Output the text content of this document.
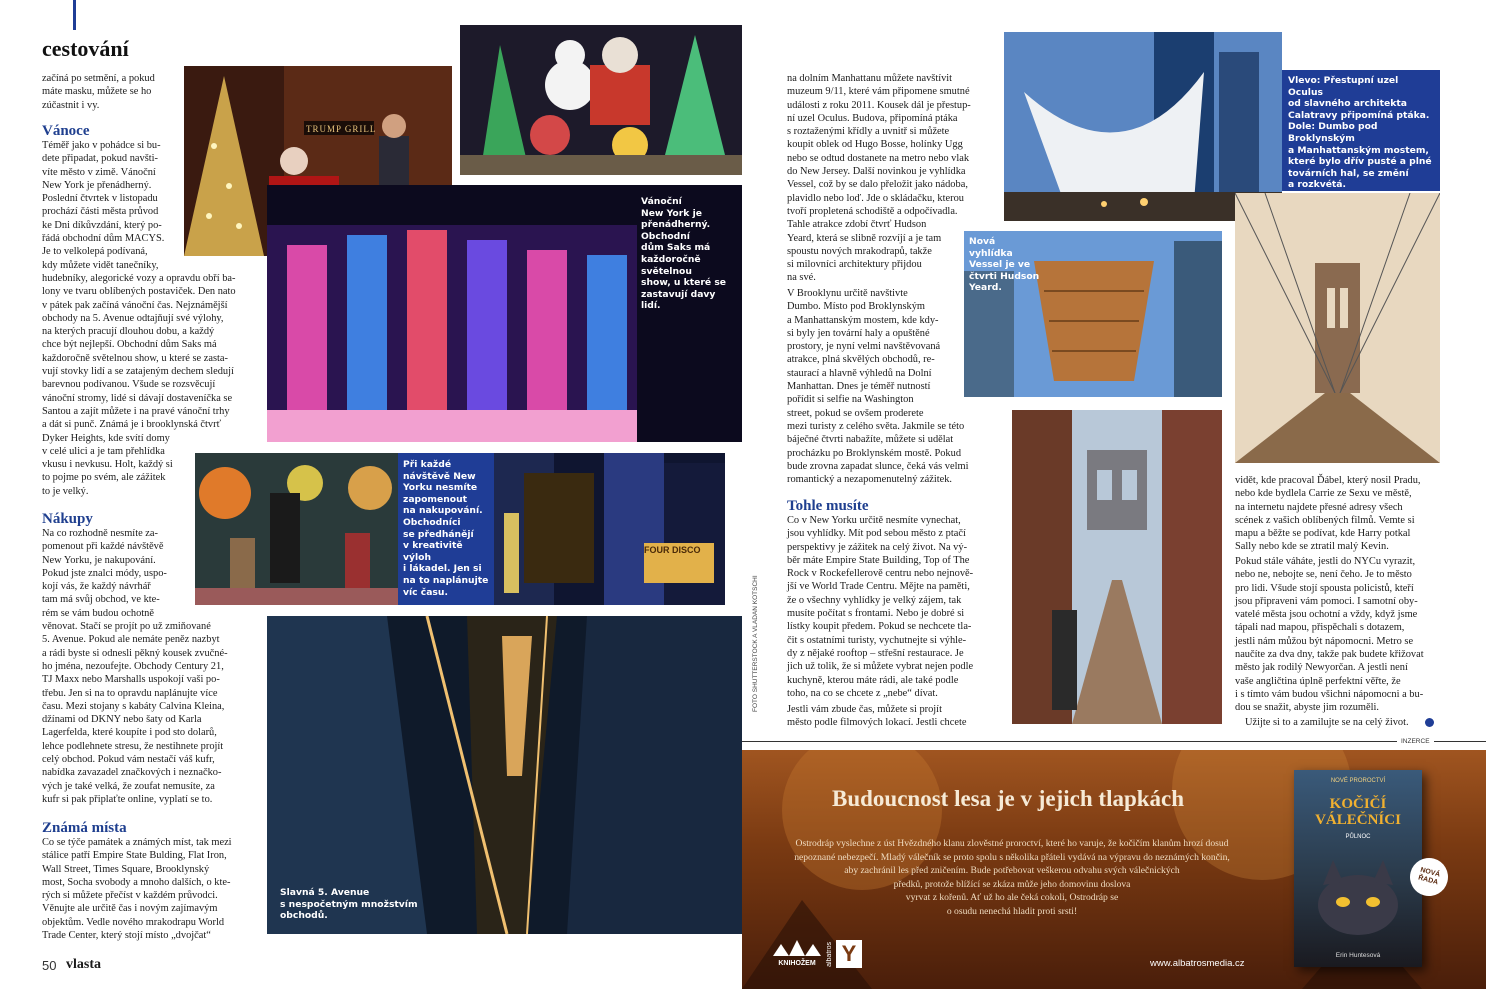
cestování
začíná po setmění, a pokud
máte masku, můžete se ho
zúčastnit i vy.
Vánoce
Téměř jako v pohádce si bu-
dete připadat, pokud navšti-
víte město v zimě. Vánoční
New York je přenádherný.
Poslední čtvrtek v listopadu
prochází části města průvod
ke Dni díkůvzdání, který po-
řádá obchodní dům MACYS.
Je to velkolepá podívaná,
kdy můžete vidět tanečníky,
hudebníky, alegorické vozy a opravdu obří ba-
lony ve tvaru oblíbených postaviček. Den nato
v pátek pak začíná vánoční čas. Nejznámější
obchody na 5. Avenue odtajňují své výlohy,
na kterých pracují dlouhou dobu, a každý
chce být nejlepší. Obchodní dům Saks má
každoročně světelnou show, u které se zasta-
vují stovky lidí a se zatajeným dechem sledují
barevnou podívanou. Všude se rozsvěcují
vánoční stromy, lidé si dávají dostaveníčka se
Santou a zajít můžete i na pravé vánoční trhy
a dát si punč. Známá je i brooklynská čtvrť
Dyker Heights, kde svítí domy
v celé ulici a je tam přehlídka
vkusu i nevkusu. Holt, každý si
to pojme po svém, ale zážitek
to je velký.
Nákupy
Na co rozhodně nesmíte za-
pomenout při každé návštěvě
New Yorku, je nakupování.
Pokud jste znalci módy, uspo-
kojí vás, že každý návrhář
tam má svůj obchod, ve kte-
rém se vám budou ochotně
věnovat. Stačí se projít po už zmiňované
5. Avenue. Pokud ale nemáte peněz nazbyt
a rádi byste si odnesli pěkný kousek zvučné-
ho jména, nezoufejte. Obchody Century 21,
TJ Maxx nebo Marshalls uspokojí vaši po-
třebu. Jen si na to opravdu naplánujte více
času. Mezi stojany s kabáty Calvina Kleina,
džínami od DKNY nebo šaty od Karla
Lagerfelda, které koupíte i pod sto dolarů,
lehce podlehnete stresu, že nestihnete projít
celý obchod. Pokud vám nestačí váš kufr,
nabídka zavazadel značkových i neznačko-
vých je také velká, že zoufat nemusíte, za
kufr si pak připlaťte online, vyplatí se to.
Známá místa
Co se týče památek a známých míst, tak mezi
stálice patří Empire State Bulding, Flat Iron,
Wall Street, Times Square, Brooklynský
most, Socha svobody a mnoho dalších, o kte-
rých si můžete přečíst v každém průvodci.
Věnujte ale určitě čas i novým zajímavým
objektům. Vedle nového mrakodrapu World
Trade Center, který stojí místo „dvojčat“
50 vlasta
TRUMP GRILL
Vánoční
New York je
přenádherný.
Obchodní
dům Saks má
každoročně
světelnou
show, u které se
zastavují davy
lidí.
Při každé
návštěvě New
Yorku nesmíte
zapomenout
na nakupování.
Obchodníci
se předhánějí
v kreativitě výloh
i lákadel. Jen si
na to naplánujte
víc času.
FOUR DISCO
Slavná 5. Avenue
s nespočetným množstvím
obchodů.
FOTO SHUTTERSTOCK A VLADAN KOTSCHI
na dolním Manhattanu můžete navštívit
muzeum 9/11, které vám připomene smutné
události z roku 2011. Kousek dál je přestup-
ní uzel Oculus. Budova, připomíná ptáka
s roztaženými křídly a uvnitř si můžete
koupit oblek od Hugo Bosse, holínky Ugg
nebo se odtud dostanete na metro nebo vlak
do New Jersey. Další novinkou je vyhlídka
Vessel, což by se dalo přeložit jako nádoba,
plavidlo nebo loď. Jde o skládačku, kterou
tvoří propletená schodiště a odpočívadla.
Tahle atrakce zdobí čtvrť Hudson
Yeard, která se slibně rozvíjí a je tam
spoustu nových mrakodrapů, takže
si milovníci architektury přijdou
na své.
V Brooklynu určitě navštivte
Dumbo. Místo pod Broklynským
a Manhattanským mostem, kde kdy-
si byly jen tovární haly a opuštěné
prostory, je nyní velmi navštěvovaná
atrakce, plná skvělých obchodů, re-
staurací a hlavně výhledů na Dolní
Manhattan. Dnes je téměř nutností
pořídit si selfie na Washington
street, pokud se ovšem proderete
mezi turisty z celého světa. Jakmile se této
báječné čtvrti nabažíte, můžete si udělat
procházku po Broklynském mostě. Pokud
bude zrovna zapadat slunce, čeká vás velmi
romantický a nezapomenutelný zážitek.
Tohle musíte
Co v New Yorku určitě nesmíte vynechat,
jsou vyhlídky. Mít pod sebou město z ptačí
perspektivy je zážitek na celý život. Na vý-
běr máte Empire State Building, Top of The
Rock v Rockefellerově centru nebo nejnově-
jší ve World Trade Centru. Mějte na paměti,
že o všechny vyhlídky je velký zájem, tak
musíte počítat s frontami. Nebo je dobré si
lístky koupit předem. Pokud se nechcete tla-
čit s ostatními turisty, vychutnejte si výhle-
dy z nějaké rooftop – střešní restaurace. Je
jich už tolik, že si můžete vybrat nejen podle
kuchyně, kterou máte rádi, ale také podle
toho, na co se chcete z „nebe“ dívat.
Jestli vám zbude čas, můžete si projít
město podle filmových lokací. Jestli chcete
Vlevo: Přestupní uzel Oculus
od slavného architekta
Calatravy připomíná ptáka.
Dole: Dumbo pod
Broklynským
a Manhattanským mostem,
které bylo dřív pusté a plné
továrních hal, se změní
a rozkvétá.
Nová
vyhlídka
Vessel je ve
čtvrti Hudson
Yeard.
vidět, kde pracoval Ďábel, který nosil Pradu,
nebo kde bydlela Carrie ze Sexu ve městě,
na internetu najdete přesné adresy všech
scének z vašich oblíbených filmů. Vemte si
mapu a běžte se podívat, kde Harry potkal
Sally nebo kde se ztratil malý Kevin.
Pokud stále váháte, jestli do NYCu vyrazit,
nebo ne, nebojte se, není čeho. Je to město
pro lidi. Všude stojí spousta policistů, kteří
jsou připraveni vám pomoci. I samotní oby-
vatelé města jsou ochotní a vždy, když jsme
tápali nad mapou, přispěchali s dotazem,
jestli nám můžou být nápomocni. Metro se
naučíte za dva dny, takže pak budete křižovat
město jak rodilý Newyorčan. A jestli není
vaše angličtina úplně perfektní věřte, že
i s tímto vám budou všichni nápomocni a bu-
dou se snažit, abyste jim rozuměli.
Užijte si to a zamilujte se na celý život.
INZERCE
Budoucnost lesa je v jejich tlapkách
Ostrodráp vyslechne z úst Hvězdného klanu zlověstné proroctví, které ho varuje, že kočičím klanům hrozí dosud
nepoznané nebezpečí. Mladý válečník se proto spolu s několika přáteli vydává na výpravu do neznámých končin,
aby zachránil les před zničením. Bude potřebovat veškerou odvahu svých válečnických
předků, protože blížící se zkáza může jeho domovinu doslova
vyrvat z kořenů. Ať už ho ale čeká cokoli, Ostrodráp se
o osudu nenechá hladit proti srsti!
KNIHOŽEM	albatros Y	www.albatrosmedia.cz
NOVÉ PROROCTVÍ
KOČIČÍ VÁLEČNÍCI
PŮLNOC
Erin Huntesová
NOVÁ
ŘADA
